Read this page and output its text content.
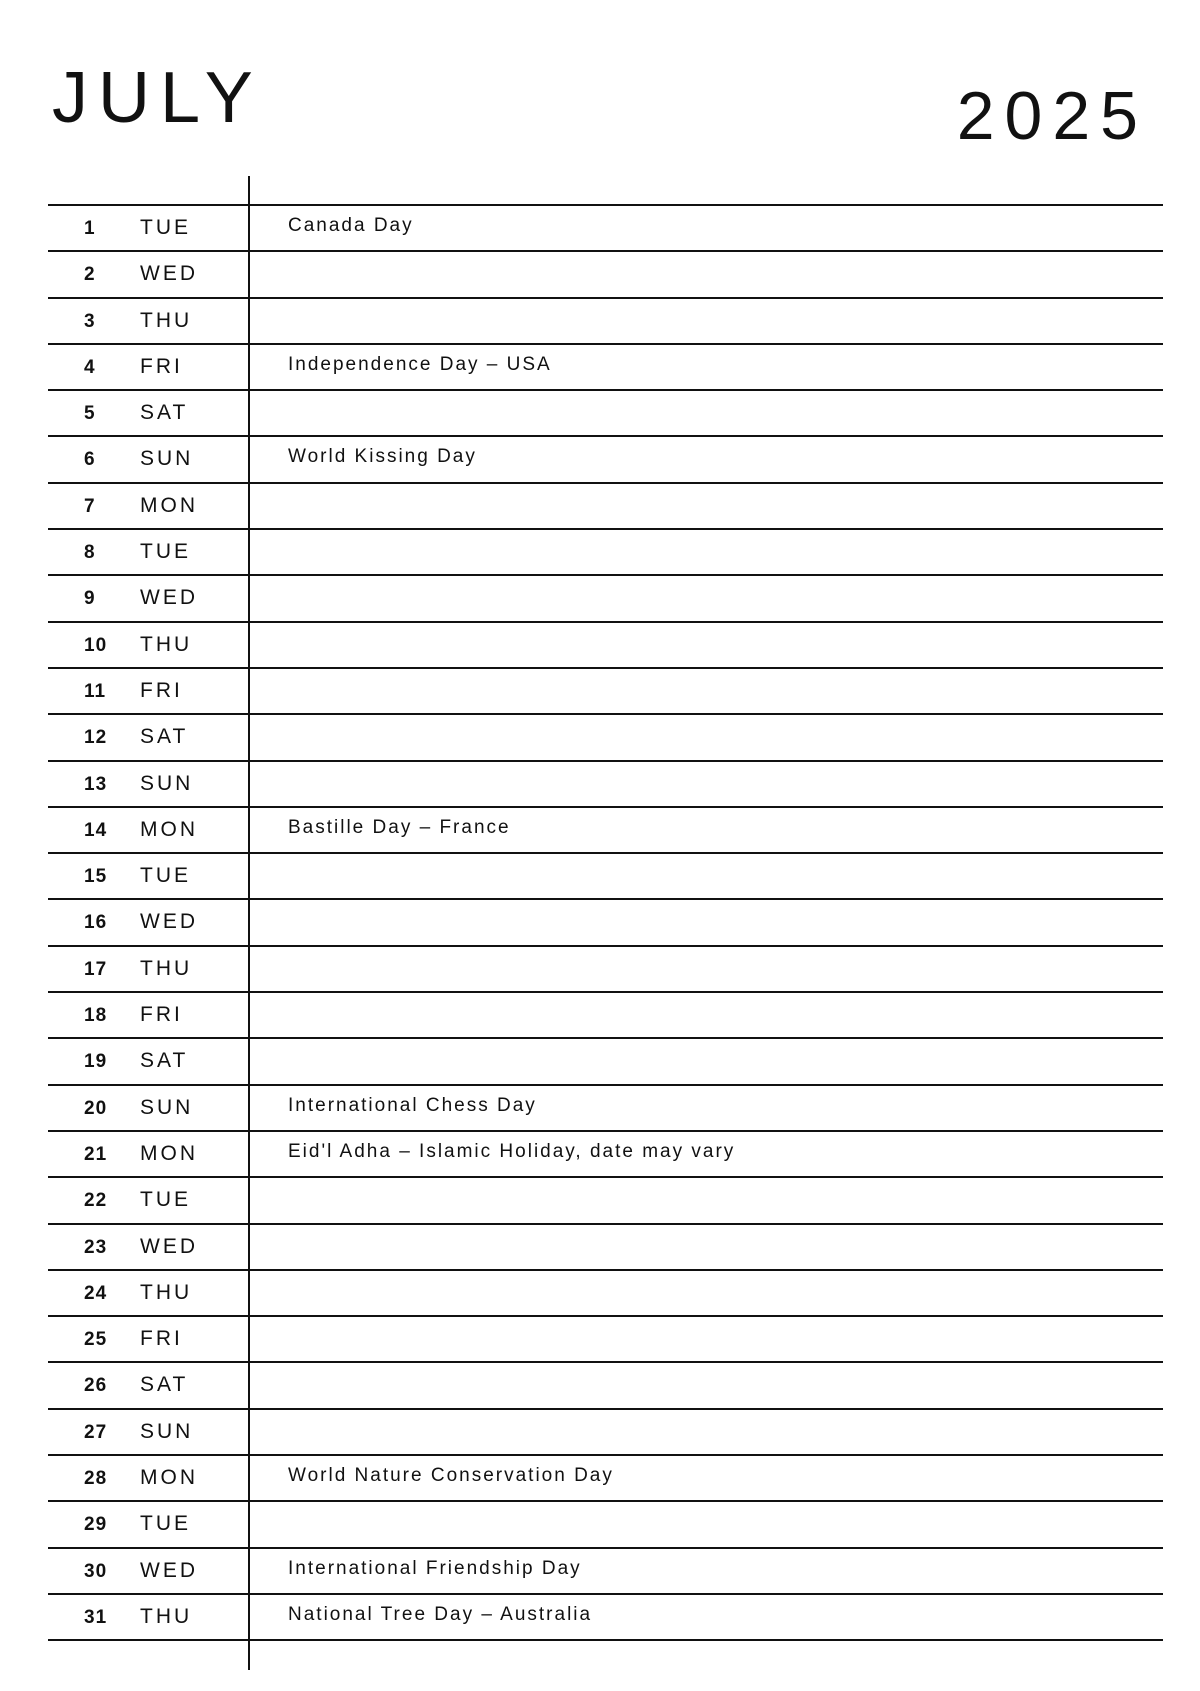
JULY	2025
1	TUE	Canada Day
2	WED
3	THU
4	FRI	Independence Day – USA
5	SAT
6	SUN	World Kissing Day
7	MON
8	TUE
9	WED
10	THU
11	FRI
12	SAT
13	SUN
14	MON	Bastille Day – France
15	TUE
16	WED
17	THU
18	FRI
19	SAT
20	SUN	International Chess Day
21	MON	Eid'l Adha – Islamic Holiday, date may vary
22	TUE
23	WED
24	THU
25	FRI
26	SAT
27	SUN
28	MON	World Nature Conservation Day
29	TUE
30	WED	International Friendship Day
31	THU	National Tree Day – Australia
